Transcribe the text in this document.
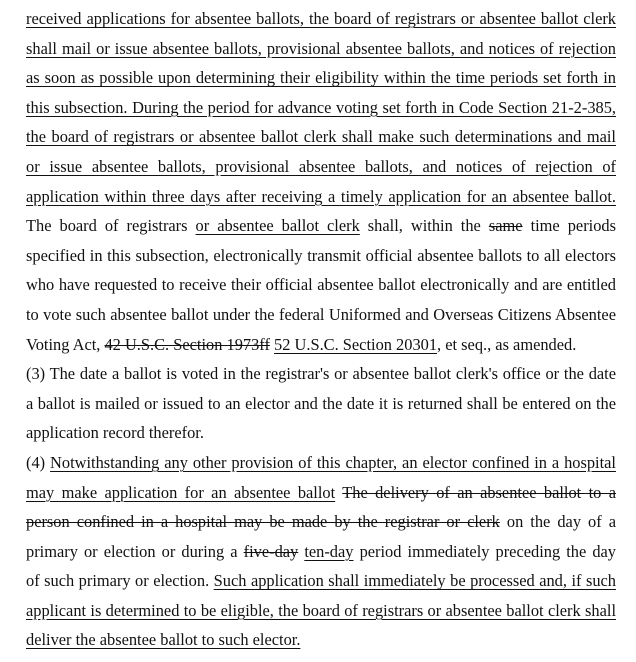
received applications for absentee ballots, the board of registrars or absentee ballot clerk
shall mail or issue absentee ballots, provisional absentee ballots, and notices of rejection
as soon as possible upon determining their eligibility within the time periods set forth in
this subsection. During the period for advance voting set forth in Code Section 21-2-385,
the board of registrars or absentee ballot clerk shall make such determinations and mail
or issue absentee ballots, provisional absentee ballots, and notices of rejection of
application within three days after receiving a timely application for an absentee ballot.
The board of registrars or absentee ballot clerk shall, within the same time periods
specified in this subsection, electronically transmit official absentee ballots to all electors
who have requested to receive their official absentee ballot electronically and are entitled
to vote such absentee ballot under the federal Uniformed and Overseas Citizens Absentee
Voting Act, 42 U.S.C. Section 1973ff 52 U.S.C. Section 20301, et seq., as amended.
(3) The date a ballot is voted in the registrar's or absentee ballot clerk's office or the date
a ballot is mailed or issued to an elector and the date it is returned shall be entered on the
application record therefor.
(4) Notwithstanding any other provision of this chapter, an elector confined in a hospital
may make application for an absentee ballot The delivery of an absentee ballot to a
person confined in a hospital may be made by the registrar or clerk on the day of a
primary or election or during a five-day ten-day period immediately preceding the day
of such primary or election. Such application shall immediately be processed and, if such
applicant is determined to be eligible, the board of registrars or absentee ballot clerk shall
deliver the absentee ballot to such elector.
